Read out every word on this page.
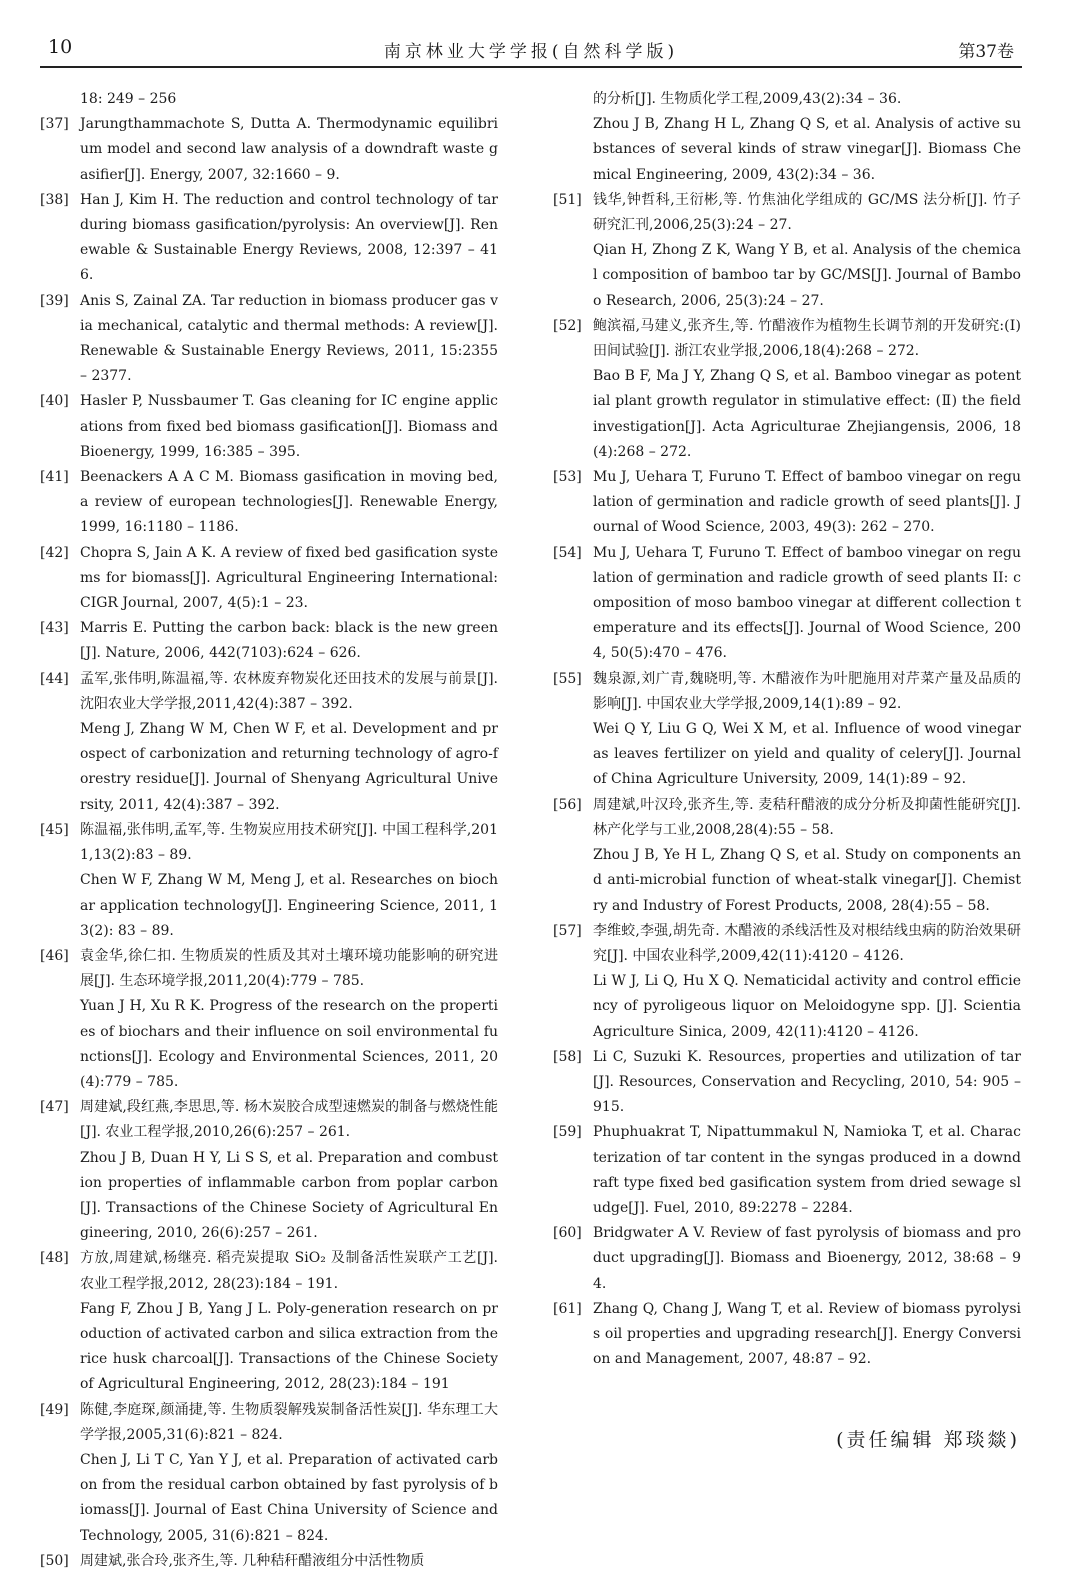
10	南京林业大学学报(自然科学版)	第37卷

18: 249 – 256

[37] Jarungthammachote S, Dutta A. Thermodynamic equilibrium model and second law analysis of a downdraft waste gasifier[J]. Energy, 2007, 32:1660 – 9.

[38] Han J, Kim H. The reduction and control technology of tar during biomass gasification/pyrolysis: An overview[J]. Renewable & Sustainable Energy Reviews, 2008, 12:397 – 416.

[39] Anis S, Zainal ZA. Tar reduction in biomass producer gas via mechanical, catalytic and thermal methods: A review[J]. Renewable & Sustainable Energy Reviews, 2011, 15:2355 – 2377.

[40] Hasler P, Nussbaumer T. Gas cleaning for IC engine applications from fixed bed biomass gasification[J]. Biomass and Bioenergy, 1999, 16:385 – 395.

[41] Beenackers A A C M. Biomass gasification in moving bed, a review of european technologies[J]. Renewable Energy, 1999, 16:1180 – 1186.

[42] Chopra S, Jain A K. A review of fixed bed gasification systems for biomass[J]. Agricultural Engineering International: CIGR Journal, 2007, 4(5):1 – 23.

[43] Marris E. Putting the carbon back: black is the new green[J]. Nature, 2006, 442(7103):624 – 626.

[44] 孟军,张伟明,陈温福,等. 农林废弃物炭化还田技术的发展与前景[J]. 沈阳农业大学学报,2011,42(4):387 – 392.

Meng J, Zhang W M, Chen W F, et al. Development and prospect of carbonization and returning technology of agro-forestry residue[J]. Journal of Shenyang Agricultural University, 2011, 42(4):387 – 392.

[45] 陈温福,张伟明,孟军,等. 生物炭应用技术研究[J]. 中国工程科学,2011,13(2):83 – 89.

Chen W F, Zhang W M, Meng J, et al. Researches on biochar application technology[J]. Engineering Science, 2011, 13(2): 83 – 89.

[46] 袁金华,徐仁扣. 生物质炭的性质及其对土壤环境功能影响的研究进展[J]. 生态环境学报,2011,20(4):779 – 785.

Yuan J H, Xu R K. Progress of the research on the properties of biochars and their influence on soil environmental functions[J]. Ecology and Environmental Sciences, 2011, 20(4):779 – 785.

[47] 周建斌,段红燕,李思思,等. 杨木炭胶合成型速燃炭的制备与燃烧性能[J]. 农业工程学报,2010,26(6):257 – 261.

Zhou J B, Duan H Y, Li S S, et al. Preparation and combustion properties of inflammable carbon from poplar carbon[J]. Transactions of the Chinese Society of Agricultural Engineering, 2010, 26(6):257 – 261.

[48] 方放,周建斌,杨继亮. 稻壳炭提取 SiO₂ 及制备活性炭联产工艺[J]. 农业工程学报,2012, 28(23):184 – 191.

Fang F, Zhou J B, Yang J L. Poly-generation research on production of activated carbon and silica extraction from the rice husk charcoal[J]. Transactions of the Chinese Society of Agricultural Engineering, 2012, 28(23):184 – 191

[49] 陈健,李庭琛,颜涌捷,等. 生物质裂解残炭制备活性炭[J]. 华东理工大学学报,2005,31(6):821 – 824.

Chen J, Li T C, Yan Y J, et al. Preparation of activated carbon from the residual carbon obtained by fast pyrolysis of biomass[J]. Journal of East China University of Science and Technology, 2005, 31(6):821 – 824.

[50] 周建斌,张合玲,张齐生,等. 几种秸秆醋液组分中活性物质

的分析[J]. 生物质化学工程,2009,43(2):34 – 36.

Zhou J B, Zhang H L, Zhang Q S, et al. Analysis of active substances of several kinds of straw vinegar[J]. Biomass Chemical Engineering, 2009, 43(2):34 – 36.

[51] 钱华,钟哲科,王衍彬,等. 竹焦油化学组成的 GC/MS 法分析[J]. 竹子研究汇刊,2006,25(3):24 – 27.

Qian H, Zhong Z K, Wang Y B, et al. Analysis of the chemical composition of bamboo tar by GC/MS[J]. Journal of Bamboo Research, 2006, 25(3):24 – 27.

[52] 鲍滨福,马建义,张齐生,等. 竹醋液作为植物生长调节剂的开发研究:(Ⅰ)田间试验[J]. 浙江农业学报,2006,18(4):268 – 272.

Bao B F, Ma J Y, Zhang Q S, et al. Bamboo vinegar as potential plant growth regulator in stimulative effect: (Ⅱ) the field investigation[J]. Acta Agriculturae Zhejiangensis, 2006, 18(4):268 – 272.

[53] Mu J, Uehara T, Furuno T. Effect of bamboo vinegar on regulation of germination and radicle growth of seed plants[J]. Journal of Wood Science, 2003, 49(3): 262 – 270.

[54] Mu J, Uehara T, Furuno T. Effect of bamboo vinegar on regulation of germination and radicle growth of seed plants II: composition of moso bamboo vinegar at different collection temperature and its effects[J]. Journal of Wood Science, 2004, 50(5):470 – 476.

[55] 魏泉源,刘广青,魏晓明,等. 木醋液作为叶肥施用对芹菜产量及品质的影响[J]. 中国农业大学学报,2009,14(1):89 – 92.

Wei Q Y, Liu G Q, Wei X M, et al. Influence of wood vinegar as leaves fertilizer on yield and quality of celery[J]. Journal of China Agriculture University, 2009, 14(1):89 – 92.

[56] 周建斌,叶汉玲,张齐生,等. 麦秸秆醋液的成分分析及抑菌性能研究[J]. 林产化学与工业,2008,28(4):55 – 58.

Zhou J B, Ye H L, Zhang Q S, et al. Study on components and anti-microbial function of wheat-stalk vinegar[J]. Chemistry and Industry of Forest Products, 2008, 28(4):55 – 58.

[57] 李维蛟,李强,胡先奇. 木醋液的杀线活性及对根结线虫病的防治效果研究[J]. 中国农业科学,2009,42(11):4120 – 4126.

Li W J, Li Q, Hu X Q. Nematicidal activity and control efficiency of pyroligeous liquor on Meloidogyne spp. [J]. Scientia Agriculture Sinica, 2009, 42(11):4120 – 4126.

[58] Li C, Suzuki K. Resources, properties and utilization of tar[J]. Resources, Conservation and Recycling, 2010, 54: 905 – 915.

[59] Phuphuakrat T, Nipattummakul N, Namioka T, et al. Characterization of tar content in the syngas produced in a downdraft type fixed bed gasification system from dried sewage sludge[J]. Fuel, 2010, 89:2278 – 2284.

[60] Bridgwater A V. Review of fast pyrolysis of biomass and product upgrading[J]. Biomass and Bioenergy, 2012, 38:68 – 94.

[61] Zhang Q, Chang J, Wang T, et al. Review of biomass pyrolysis oil properties and upgrading research[J]. Energy Conversion and Management, 2007, 48:87 – 92.

(责任编辑 郑琰燚)
